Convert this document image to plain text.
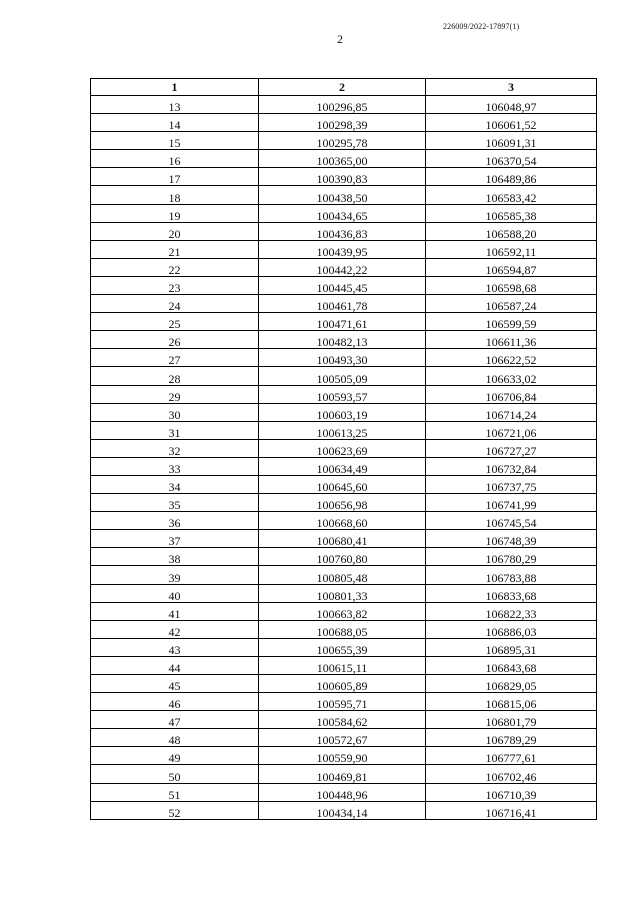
226009/2022-17897(1)
2
1	2	3
13	100296,85	106048,97
14	100298,39	106061,52
15	100295,78	106091,31
16	100365,00	106370,54
17	100390,83	106489,86
18	100438,50	106583,42
19	100434,65	106585,38
20	100436,83	106588,20
21	100439,95	106592,11
22	100442,22	106594,87
23	100445,45	106598,68
24	100461,78	106587,24
25	100471,61	106599,59
26	100482,13	106611,36
27	100493,30	106622,52
28	100505,09	106633,02
29	100593,57	106706,84
30	100603,19	106714,24
31	100613,25	106721,06
32	100623,69	106727,27
33	100634,49	106732,84
34	100645,60	106737,75
35	100656,98	106741,99
36	100668,60	106745,54
37	100680,41	106748,39
38	100760,80	106780,29
39	100805,48	106783,88
40	100801,33	106833,68
41	100663,82	106822,33
42	100688,05	106886,03
43	100655,39	106895,31
44	100615,11	106843,68
45	100605,89	106829,05
46	100595,71	106815,06
47	100584,62	106801,79
48	100572,67	106789,29
49	100559,90	106777,61
50	100469,81	106702,46
51	100448,96	106710,39
52	100434,14	106716,41
